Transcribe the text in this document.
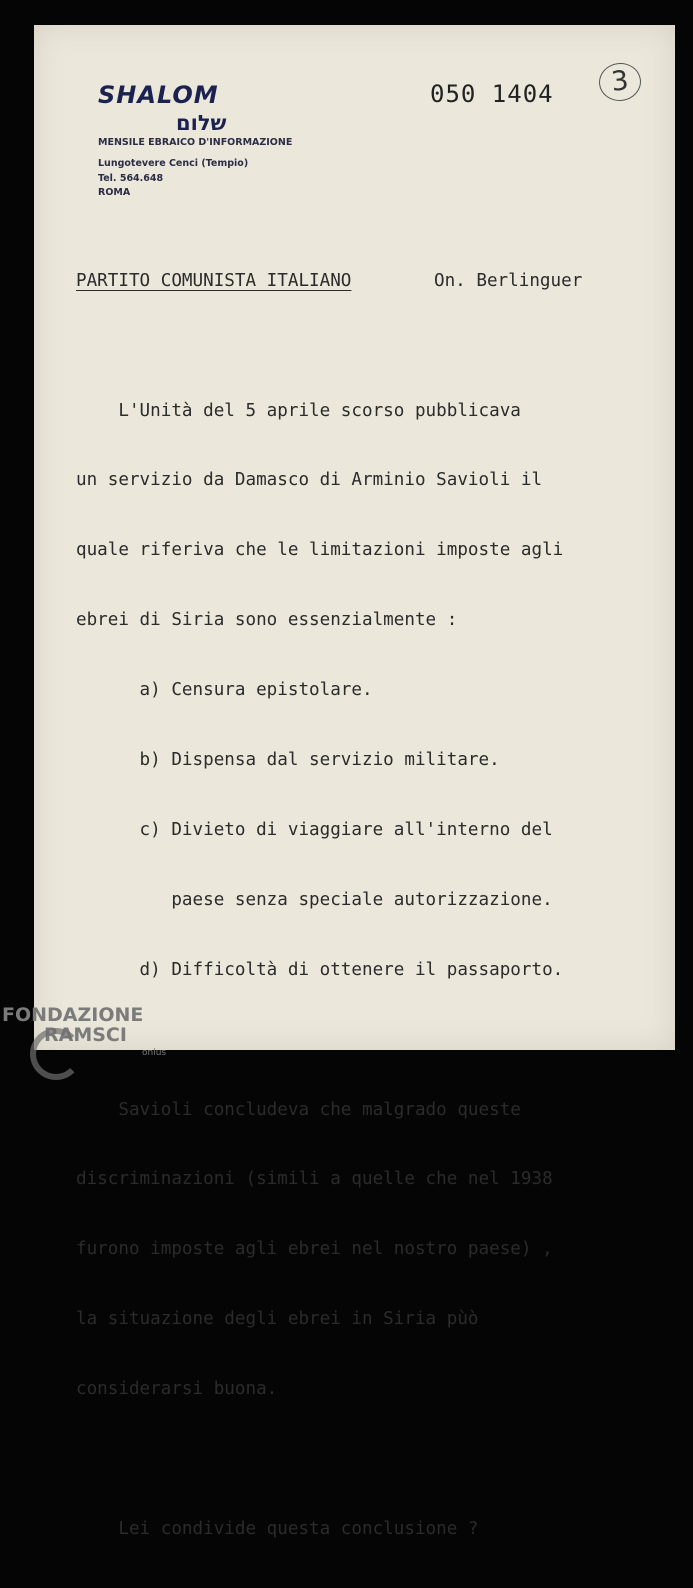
SHALOM
שלום
MENSILE EBRAICO D'INFORMAZIONE
Lungotevere Cenci (Tempio)
Tel. 564.648
ROMA
050 1404	3
PARTITO COMUNISTA ITALIANO	On. Berlinguer

L'Unità del 5 aprile scorso pubblicava

un servizio da Damasco di Arminio Savioli il

quale riferiva che le limitazioni imposte agli

ebrei di Siria sono essenzialmente :

a) Censura epistolare.

b) Dispensa dal servizio militare.

c) Divieto di viaggiare all'interno del

paese senza speciale autorizzazione.

d) Difficoltà di ottenere il passaporto.

Savioli concludeva che malgrado queste

discriminazioni (simili a quelle che nel 1938

furono imposte agli ebrei nel nostro paese) ,

la situazione degli ebrei in Siria pùò

considerarsi buona.

Lei condivide questa conclusione ?

FONDAZIONE
RAMSCI
onlus
